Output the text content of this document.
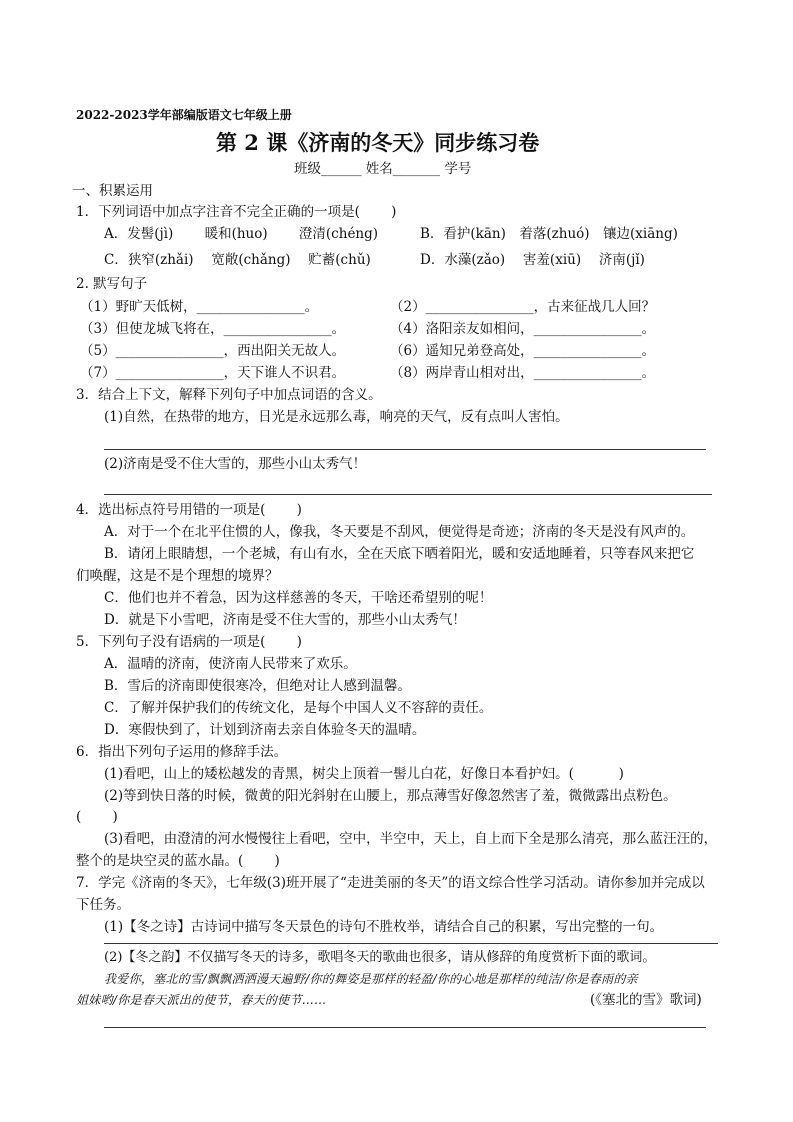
2022-2023学年部编版语文七年级上册
第 2 课《济南的冬天》同步练习卷
班级______ 姓名_______ 学号
一、积累运用
1．下列词语中加点字注音不完全正确的一项是(　　 )
A．发髻(jì)　　 暖和(huo)　　 澄清(chéng)	B．看护(kān)　着落(zhuó)　镶边(xiāng)
C．狭窄(zhǎi)　 宽敞(chǎng)　 贮蓄(chǔ)	D．水藻(zǎo)　 害羞(xiū)　 济南(jǐ)
2. 默写句子
（1）野旷天低树，________________。	（2）________________，古来征战几人回？
（3）但使龙城飞将在，________________。	（4）洛阳亲友如相问，________________。
（5）________________，西出阳关无故人。	（6）遥知兄弟登高处，________________。
（7）________________，天下谁人不识君。	（8）两岸青山相对出，________________。
3．结合上下文，解释下列句子中加点词语的含义。
(1)自然，在热带的地方，日光是永远那么毒，响亮的天气，反有点叫人害怕。
(2)济南是受不住大雪的，那些小山太秀气！
4．选出标点符号用错的一项是(　　 )
A．对于一个在北平住惯的人，像我，冬天要是不刮风，便觉得是奇迹；济南的冬天是没有风声的。
B．请闭上眼睛想，一个老城，有山有水，全在天底下晒着阳光，暖和安适地睡着，只等春风来把它
们唤醒，这是不是个理想的境界？
C．他们也并不着急，因为这样慈善的冬天，干啥还希望别的呢！
D．就是下小雪吧，济南是受不住大雪的，那些小山太秀气！
5．下列句子没有语病的一项是(　　 )
A．温晴的济南，使济南人民带来了欢乐。
B．雪后的济南即使很寒冷，但绝对让人感到温馨。
C．了解并保护我们的传统文化，是每个中国人义不容辞的责任。
D．寒假快到了，计划到济南去亲自体验冬天的温晴。
6．指出下列句子运用的修辞手法。
(1)看吧，山上的矮松越发的青黑，树尖上顶着一髻儿白花，好像日本看护妇。(　　 　)
(2)等到快日落的时候，微黄的阳光斜射在山腰上，那点薄雪好像忽然害了羞，微微露出点粉色。
(　　 )
(3)看吧，由澄清的河水慢慢往上看吧，空中，半空中，天上，自上而下全是那么清亮，那么蓝汪汪的，
整个的是块空灵的蓝水晶。(　　 )
7．学完《济南的冬天》，七年级(3)班开展了“走进美丽的冬天”的语文综合性学习活动。请你参加并完成以
下任务。
(1)【冬之诗】古诗词中描写冬天景色的诗句不胜枚举，请结合自己的积累，写出完整的一句。
(2)【冬之韵】不仅描写冬天的诗多，歌唱冬天的歌曲也很多，请从修辞的角度赏析下面的歌词。
我爱你，塞北的雪/飘飘洒洒漫天遍野/你的舞姿是那样的轻盈/你的心地是那样的纯洁/你是春雨的亲
姐妹哟/你是春天派出的使节，春天的使节……	(《塞北的雪》歌词)
